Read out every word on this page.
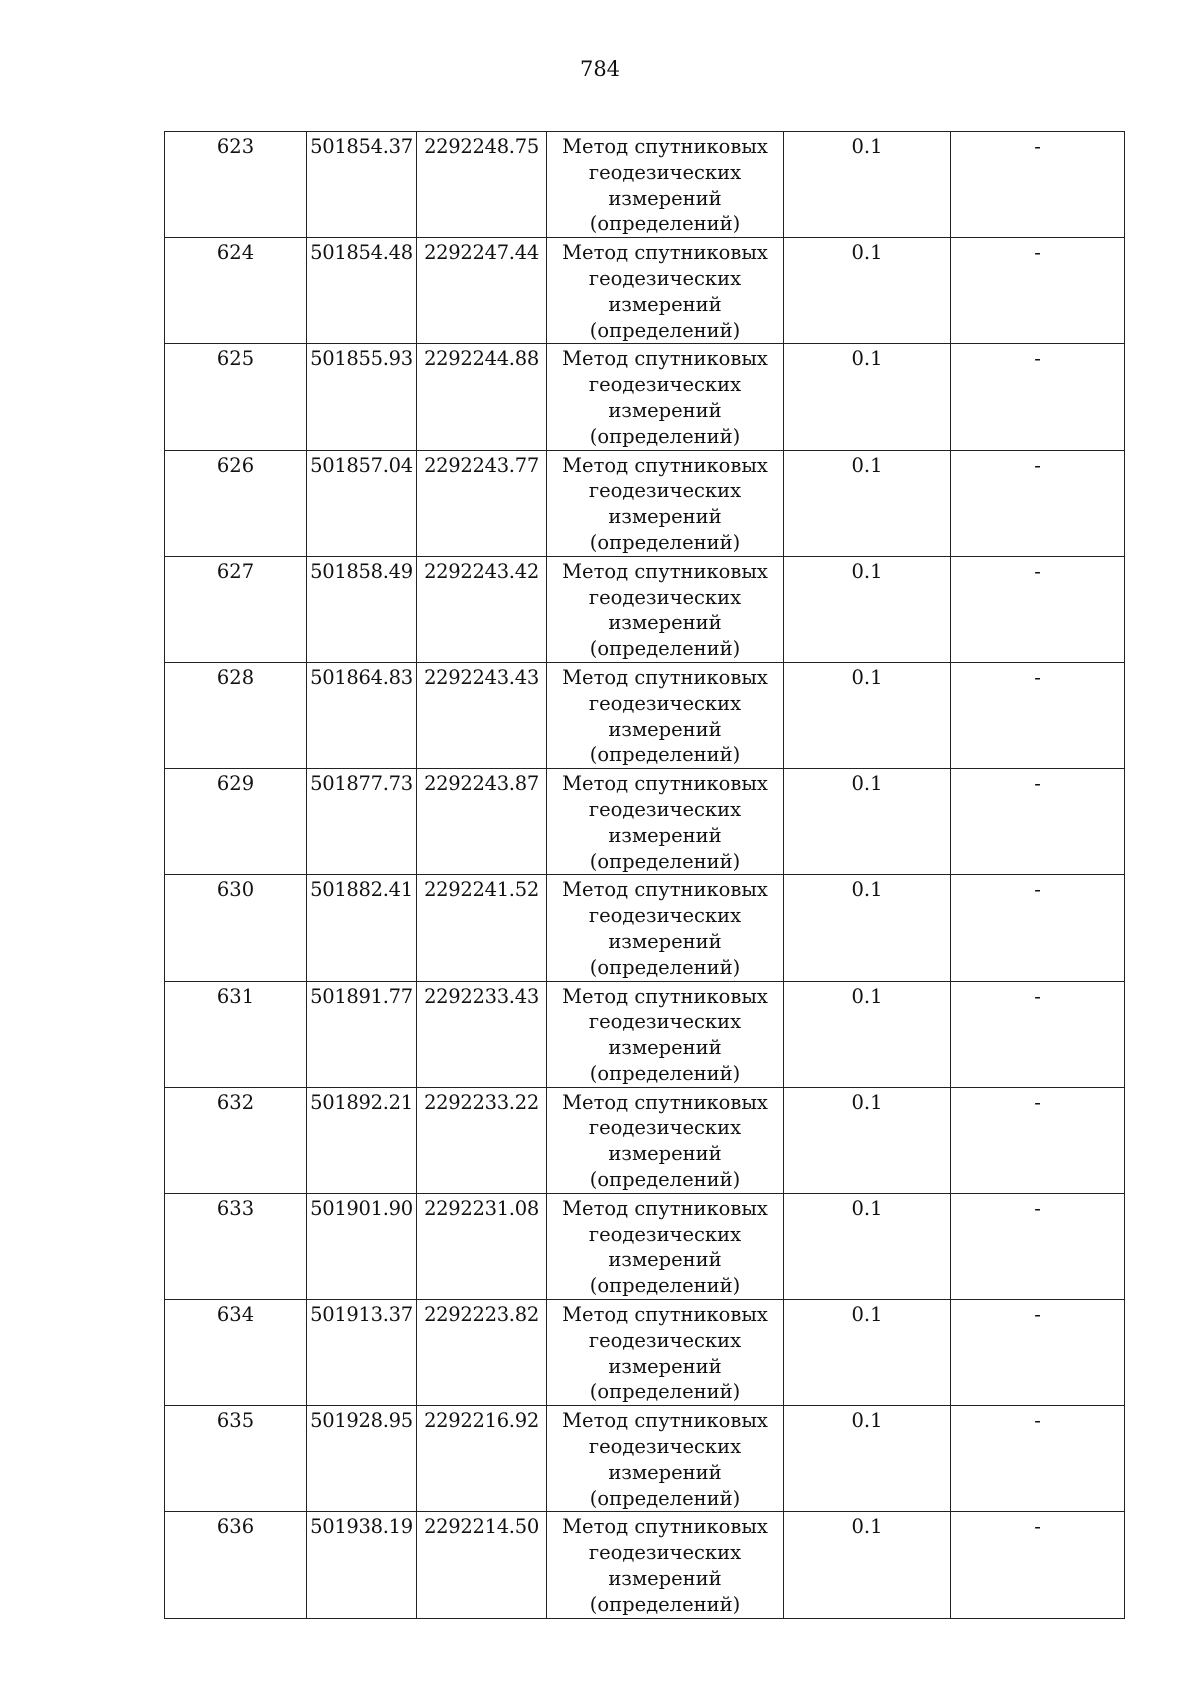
784
623	501854.37	2292248.75	Метод спутниковых
геодезических
измерений
(определений)	0.1	-
624	501854.48	2292247.44	Метод спутниковых
геодезических
измерений
(определений)	0.1	-
625	501855.93	2292244.88	Метод спутниковых
геодезических
измерений
(определений)	0.1	-
626	501857.04	2292243.77	Метод спутниковых
геодезических
измерений
(определений)	0.1	-
627	501858.49	2292243.42	Метод спутниковых
геодезических
измерений
(определений)	0.1	-
628	501864.83	2292243.43	Метод спутниковых
геодезических
измерений
(определений)	0.1	-
629	501877.73	2292243.87	Метод спутниковых
геодезических
измерений
(определений)	0.1	-
630	501882.41	2292241.52	Метод спутниковых
геодезических
измерений
(определений)	0.1	-
631	501891.77	2292233.43	Метод спутниковых
геодезических
измерений
(определений)	0.1	-
632	501892.21	2292233.22	Метод спутниковых
геодезических
измерений
(определений)	0.1	-
633	501901.90	2292231.08	Метод спутниковых
геодезических
измерений
(определений)	0.1	-
634	501913.37	2292223.82	Метод спутниковых
геодезических
измерений
(определений)	0.1	-
635	501928.95	2292216.92	Метод спутниковых
геодезических
измерений
(определений)	0.1	-
636	501938.19	2292214.50	Метод спутниковых
геодезических
измерений
(определений)	0.1	-
